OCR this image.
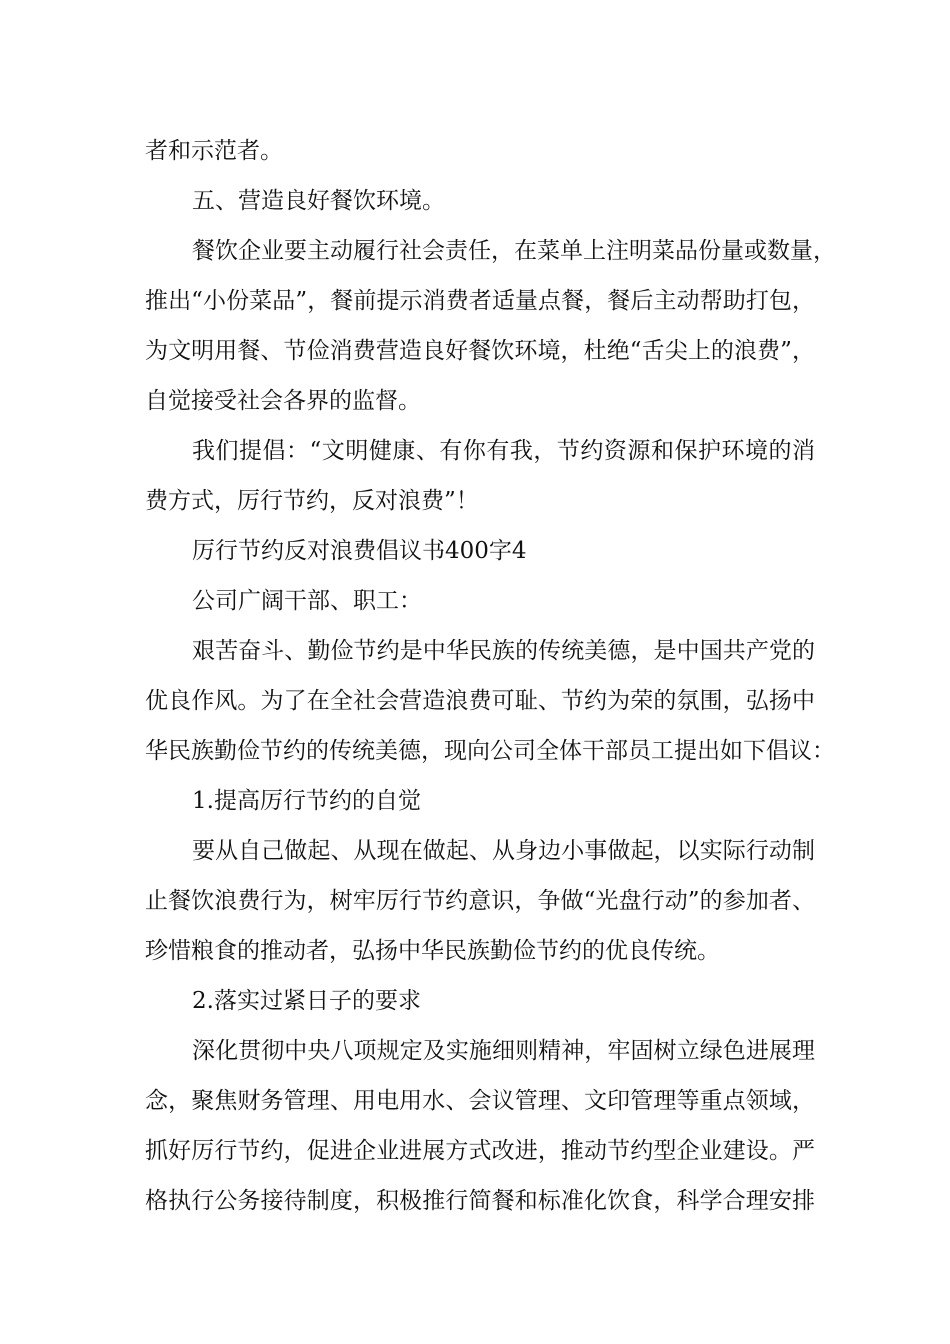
者和示范者。
五、营造良好餐饮环境。
餐饮企业要主动履行社会责任，在菜单上注明菜品份量或数量，
推出“小份菜品”，餐前提示消费者适量点餐，餐后主动帮助打包，
为文明用餐、节俭消费营造良好餐饮环境，杜绝“舌尖上的浪费”，
自觉接受社会各界的监督。
我们提倡：“文明健康、有你有我，节约资源和保护环境的消
费方式，厉行节约，反对浪费”！
厉行节约反对浪费倡议书400字4
公司广阔干部、职工：
艰苦奋斗、勤俭节约是中华民族的传统美德，是中国共产党的
优良作风。为了在全社会营造浪费可耻、节约为荣的氛围，弘扬中
华民族勤俭节约的传统美德，现向公司全体干部员工提出如下倡议：
1.提高厉行节约的自觉
要从自己做起、从现在做起、从身边小事做起，以实际行动制
止餐饮浪费行为，树牢厉行节约意识，争做“光盘行动”的参加者、
珍惜粮食的推动者，弘扬中华民族勤俭节约的优良传统。
2.落实过紧日子的要求
深化贯彻中央八项规定及实施细则精神，牢固树立绿色进展理
念，聚焦财务管理、用电用水、会议管理、文印管理等重点领域，
抓好厉行节约，促进企业进展方式改进，推动节约型企业建设。严
格执行公务接待制度，积极推行简餐和标准化饮食，科学合理安排
